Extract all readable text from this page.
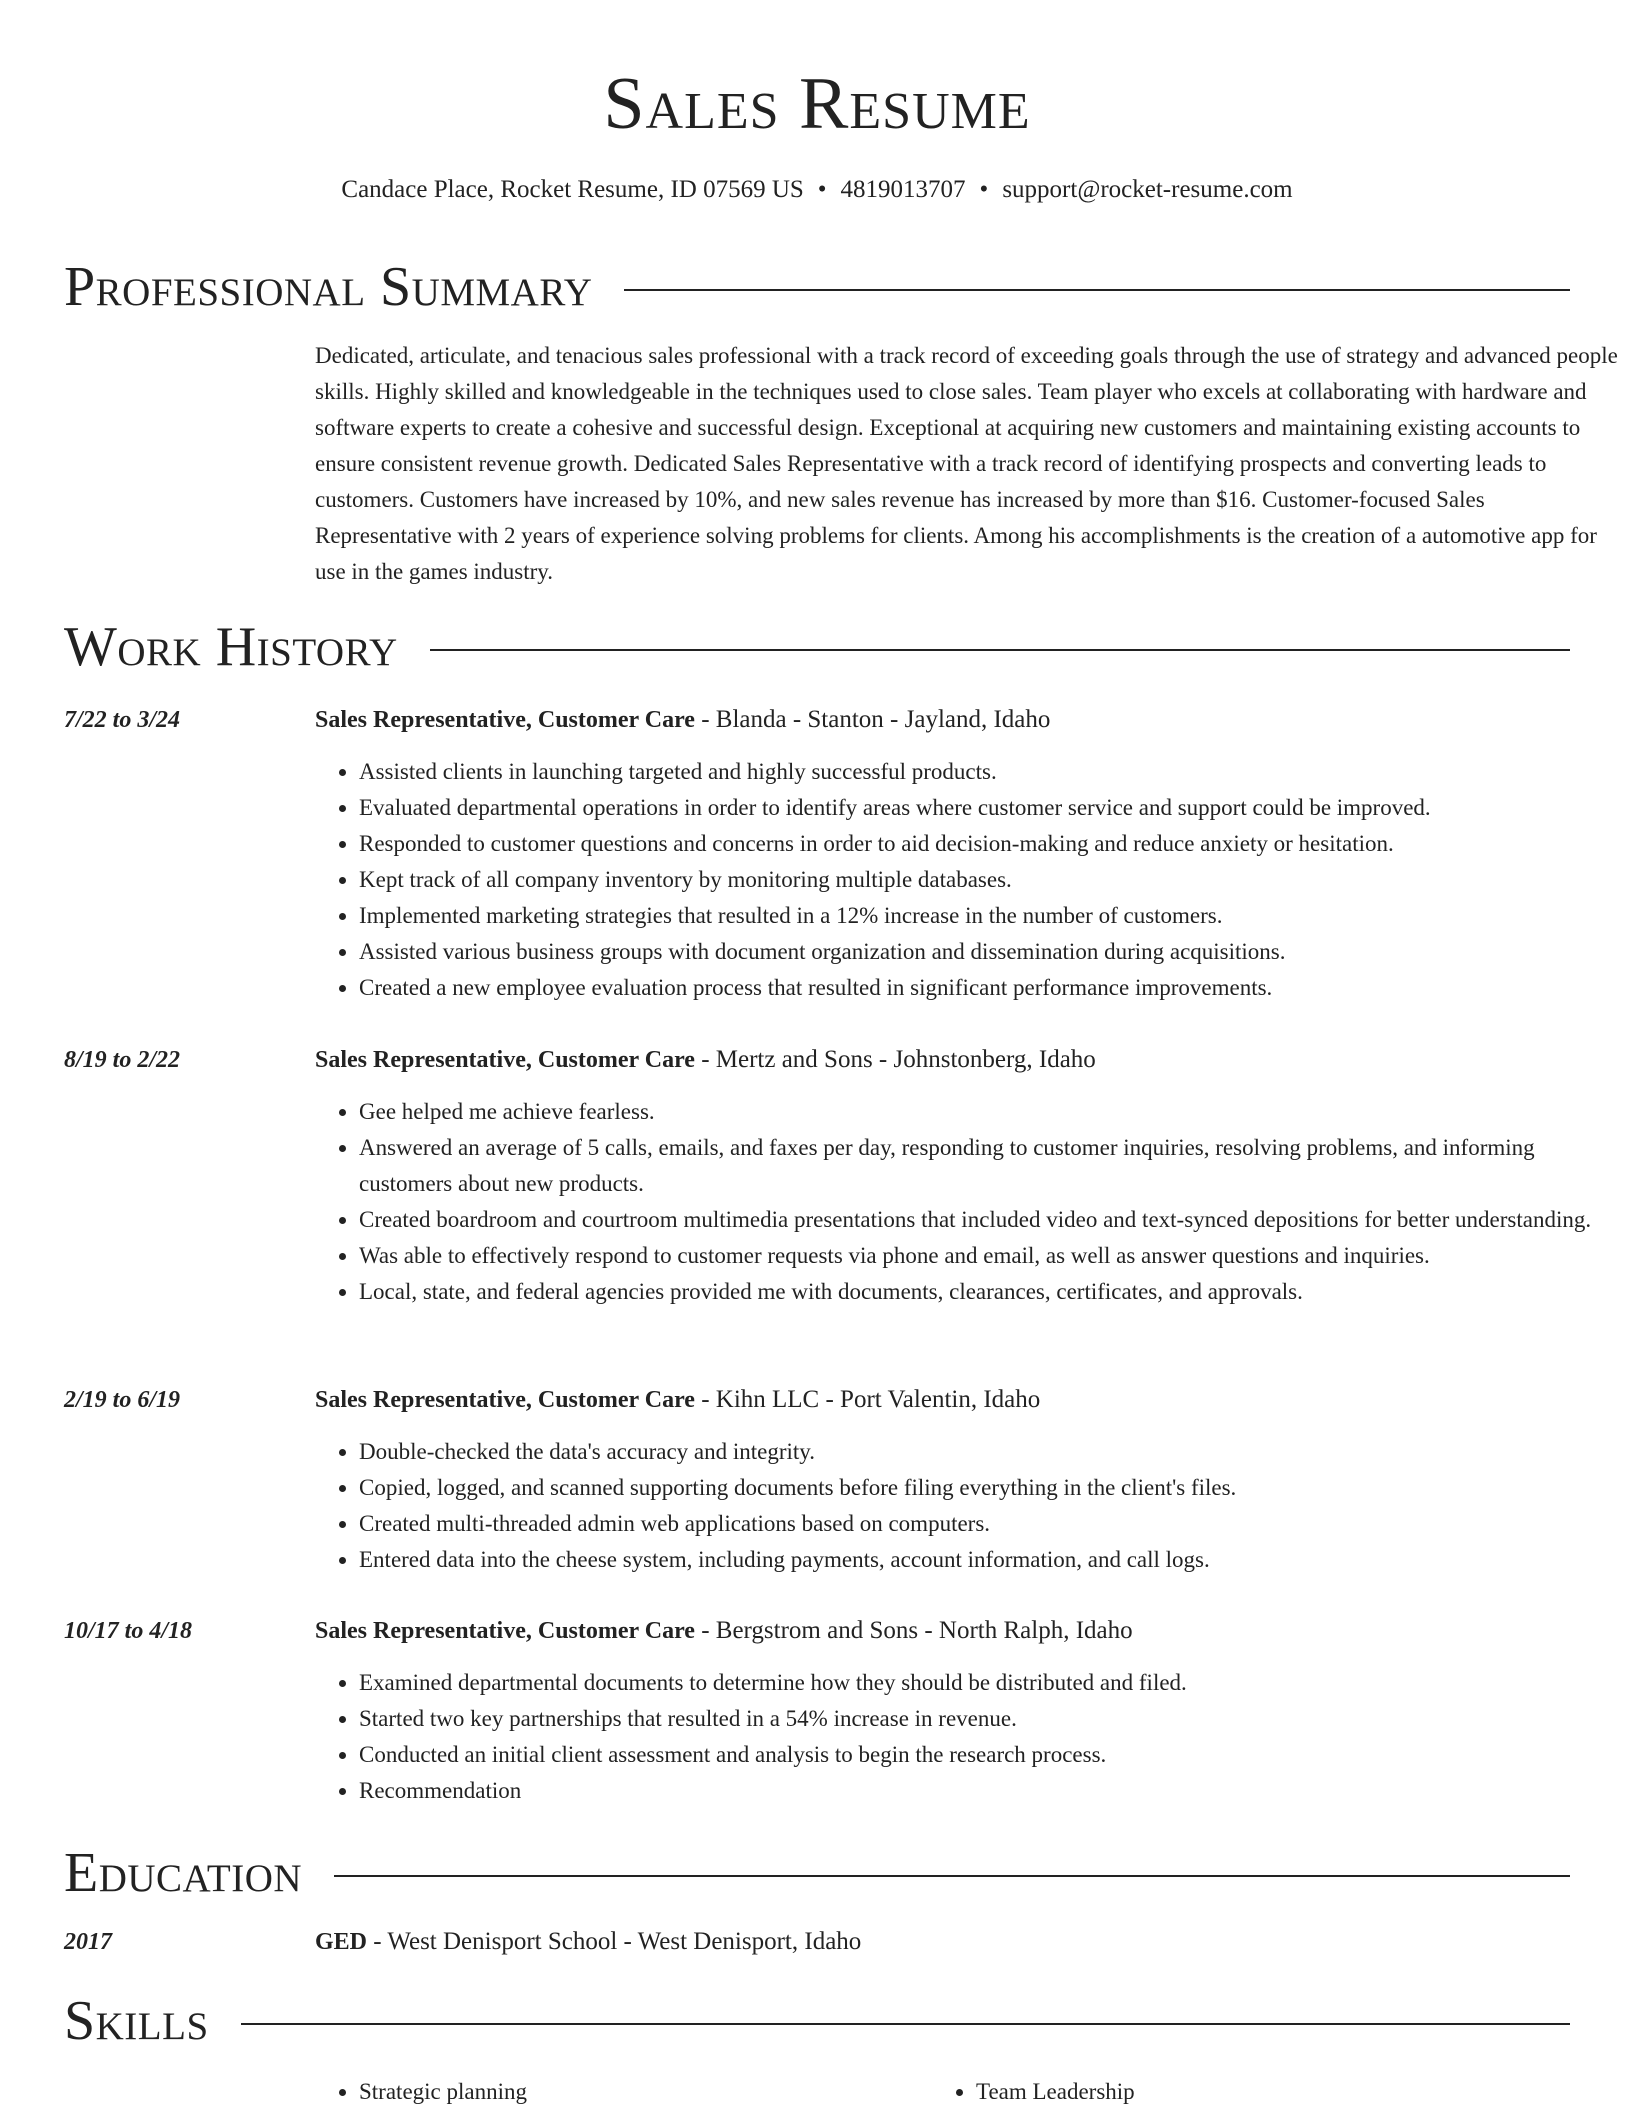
Sales Resume
Candace Place, Rocket Resume, ID 07569 US • 4819013707 • support@rocket-resume.com
Professional Summary

Dedicated, articulate, and tenacious sales professional with a track record of exceeding goals through the use of strategy and advanced people skills. Highly skilled and knowledgeable in the techniques used to close sales. Team player who excels at collaborating with hardware and software experts to create a cohesive and successful design. Exceptional at acquiring new customers and maintaining existing accounts to ensure consistent revenue growth. Dedicated Sales Representative with a track record of identifying prospects and converting leads to customers. Customers have increased by 10%, and new sales revenue has increased by more than $16. Customer-focused Sales Representative with 2 years of experience solving problems for clients. Among his accomplishments is the creation of a automotive app for use in the games industry.

Work History
7/22 to 3/24	Sales Representative, Customer Care - Blanda - Stanton - Jayland, Idaho
• Assisted clients in launching targeted and highly successful products.
• Evaluated departmental operations in order to identify areas where customer service and support could be improved.
• Responded to customer questions and concerns in order to aid decision-making and reduce anxiety or hesitation.
• Kept track of all company inventory by monitoring multiple databases.
• Implemented marketing strategies that resulted in a 12% increase in the number of customers.
• Assisted various business groups with document organization and dissemination during acquisitions.
• Created a new employee evaluation process that resulted in significant performance improvements.
8/19 to 2/22	Sales Representative, Customer Care - Mertz and Sons - Johnstonberg, Idaho
• Gee helped me achieve fearless.
• Answered an average of 5 calls, emails, and faxes per day, responding to customer inquiries, resolving problems, and informing customers about new products.
• Created boardroom and courtroom multimedia presentations that included video and text-synced depositions for better understanding.
• Was able to effectively respond to customer requests via phone and email, as well as answer questions and inquiries.
• Local, state, and federal agencies provided me with documents, clearances, certificates, and approvals.
2/19 to 6/19	Sales Representative, Customer Care - Kihn LLC - Port Valentin, Idaho
• Double-checked the data's accuracy and integrity.
• Copied, logged, and scanned supporting documents before filing everything in the client's files.
• Created multi-threaded admin web applications based on computers.
• Entered data into the cheese system, including payments, account information, and call logs.
10/17 to 4/18	Sales Representative, Customer Care - Bergstrom and Sons - North Ralph, Idaho
• Examined departmental documents to determine how they should be distributed and filed.
• Started two key partnerships that resulted in a 54% increase in revenue.
• Conducted an initial client assessment and analysis to begin the research process.
• Recommendation
Education
2017	GED - West Denisport School - West Denisport, Idaho
Skills
• Strategic planning
•	Team Leadership
